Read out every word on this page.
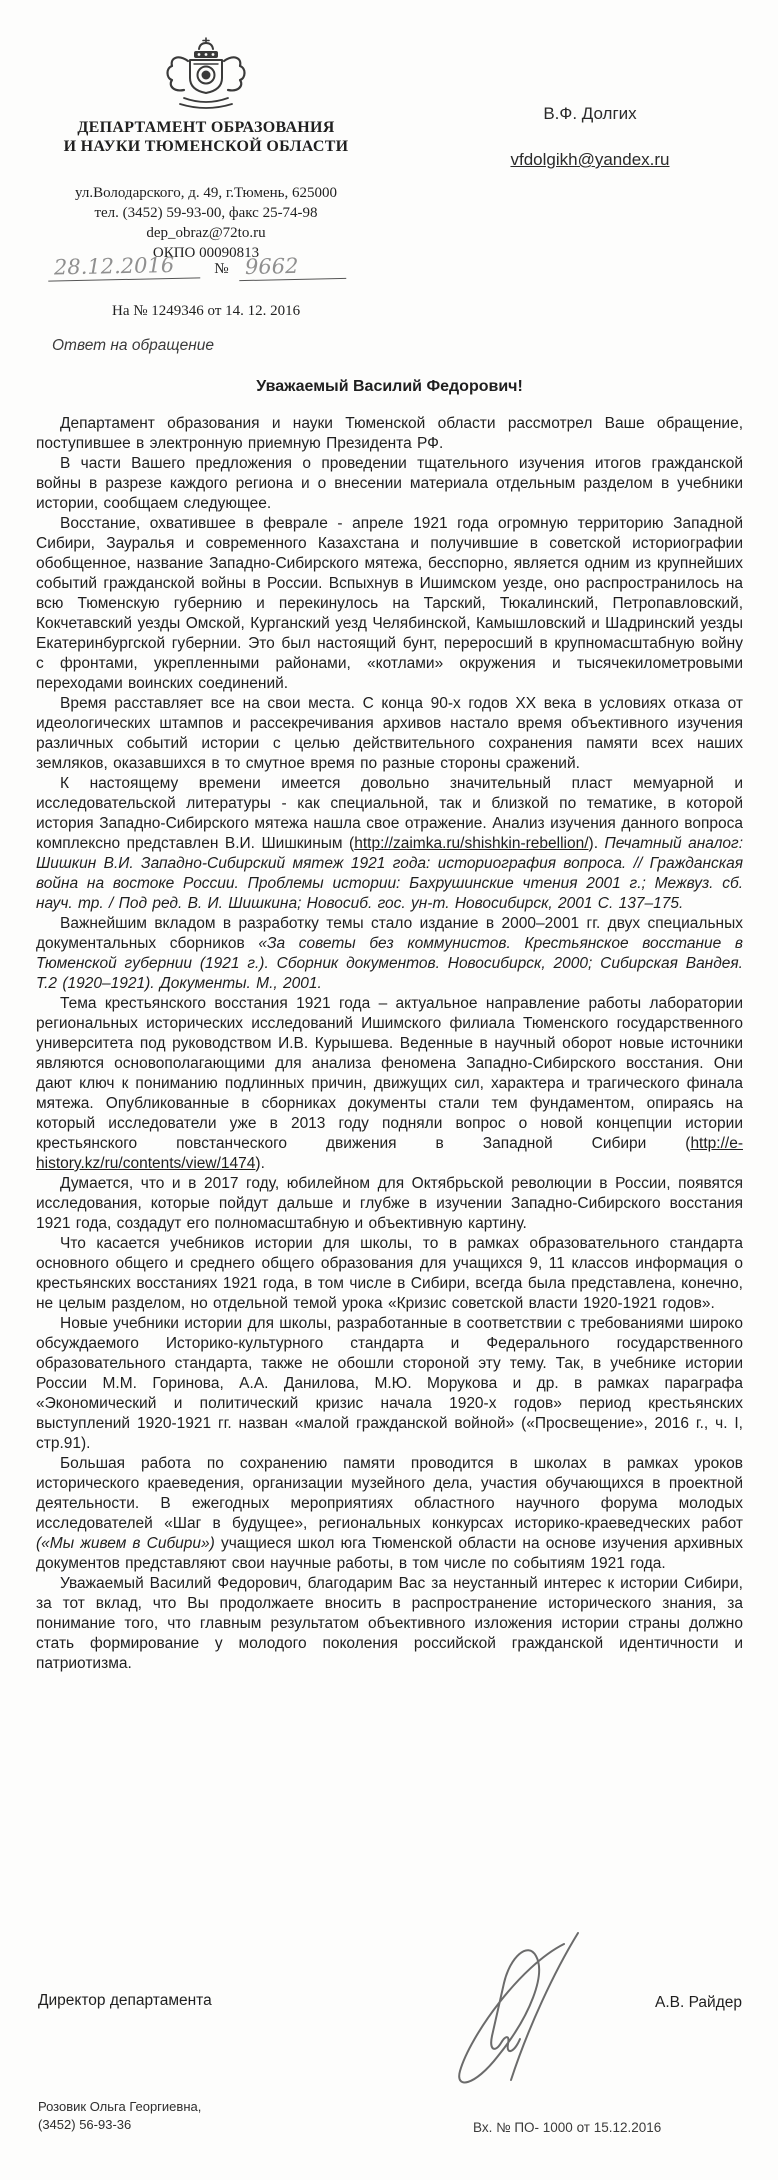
ДЕПАРТАМЕНТ ОБРАЗОВАНИЯ
И НАУКИ ТЮМЕНСКОЙ ОБЛАСТИ
ул.Володарского, д. 49, г.Тюмень, 625000
тел. (3452) 59-93-00, факс 25-74-98
dep_obraz@72to.ru
ОКПО 00090813
В.Ф. Долгих
vfdolgikh@yandex.ru
28.12.2016	№ 9662
На № 1249346 от 14. 12. 2016
Ответ на обращение
Уважаемый Василий Федорович!

Департамент образования и науки Тюменской области рассмотрел Ваше обращение, поступившее в электронную приемную Президента РФ.

В части Вашего предложения о проведении тщательного изучения итогов гражданской войны в разрезе каждого региона и о внесении материала отдельным разделом в учебники истории, сообщаем следующее.

Восстание, охватившее в феврале - апреле 1921 года огромную территорию Западной Сибири, Зауралья и современного Казахстана и получившие в советской историографии обобщенное, название Западно-Сибирского мятежа, бесспорно, является одним из крупнейших событий гражданской войны в России. Вспыхнув в Ишимском уезде, оно распространилось на всю Тюменскую губернию и перекинулось на Тарский, Тюкалинский, Петропавловский, Кокчетавский уезды Омской, Курганский уезд Челябинской, Камышловский и Шадринский уезды Екатеринбургской губернии. Это был настоящий бунт, переросший в крупномасштабную войну с фронтами, укрепленными районами, «котлами» окружения и тысячекилометровыми переходами воинских соединений.

Время расставляет все на свои места. С конца 90-х годов XX века в условиях отказа от идеологических штампов и рассекречивания архивов настало время объективного изучения различных событий истории с целью действительного сохранения памяти всех наших земляков, оказавшихся в то смутное время по разные стороны сражений.

К настоящему времени имеется довольно значительный пласт мемуарной и исследовательской литературы - как специальной, так и близкой по тематике, в которой история Западно-Сибирского мятежа нашла свое отражение. Анализ изучения данного вопроса комплексно представлен В.И. Шишкиным (http://zaimka.ru/shishkin-rebellion/). Печатный аналог: Шишкин В.И. Западно-Сибирский мятеж 1921 года: историография вопроса. // Гражданская война на востоке России. Проблемы истории: Бахрушинские чтения 2001 г.; Межвуз. сб. науч. тр. / Под ред. В. И. Шишкина; Новосиб. гос. ун-т. Новосибирск, 2001 С. 137–175.

Важнейшим вкладом в разработку темы стало издание в 2000–2001 гг. двух специальных документальных сборников «За советы без коммунистов. Крестьянское восстание в Тюменской губернии (1921 г.). Сборник документов. Новосибирск, 2000; Сибирская Вандея. Т.2 (1920–1921). Документы. М., 2001.

Тема крестьянского восстания 1921 года – актуальное направление работы лаборатории региональных исторических исследований Ишимского филиала Тюменского государственного университета под руководством И.В. Курышева. Веденные в научный оборот новые источники являются основополагающими для анализа феномена Западно-Сибирского восстания. Они дают ключ к пониманию подлинных причин, движущих сил, характера и трагического финала мятежа. Опубликованные в сборниках документы стали тем фундаментом, опираясь на который исследователи уже в 2013 году подняли вопрос о новой концепции истории крестьянского повстанческого движения в Западной Сибири (http://e-history.kz/ru/contents/view/1474).

Думается, что и в 2017 году, юбилейном для Октябрьской революции в России, появятся исследования, которые пойдут дальше и глубже в изучении Западно-Сибирского восстания 1921 года, создадут его полномасштабную и объективную картину.

Что касается учебников истории для школы, то в рамках образовательного стандарта основного общего и среднего общего образования для учащихся 9, 11 классов информация о крестьянских восстаниях 1921 года, в том числе в Сибири, всегда была представлена, конечно, не целым разделом, но отдельной темой урока «Кризис советской власти 1920-1921 годов».

Новые учебники истории для школы, разработанные в соответствии с требованиями широко обсуждаемого Историко-культурного стандарта и Федерального государственного образовательного стандарта, также не обошли стороной эту тему. Так, в учебнике истории России М.М. Горинова, А.А. Данилова, М.Ю. Морукова и др. в рамках параграфа «Экономический и политический кризис начала 1920-х годов» период крестьянских выступлений 1920-1921 гг. назван «малой гражданской войной» («Просвещение», 2016 г., ч. I, стр.91).

Большая работа по сохранению памяти проводится в школах в рамках уроков исторического краеведения, организации музейного дела, участия обучающихся в проектной деятельности. В ежегодных мероприятиях областного научного форума молодых исследователей «Шаг в будущее», региональных конкурсах историко-краеведческих работ («Мы живем в Сибири») учащиеся школ юга Тюменской области на основе изучения архивных документов представляют свои научные работы, в том числе по событиям 1921 года.

Уважаемый Василий Федорович, благодарим Вас за неустанный интерес к истории Сибири, за тот вклад, что Вы продолжаете вносить в распространение исторического знания, за понимание того, что главным результатом объективного изложения истории страны должно стать формирование у молодого поколения российской гражданской идентичности и патриотизма.

Директор департамента	А.В. Райдер
Розовик Ольга Георгиевна,
(3452) 56-93-36	Вх. № ПО- 1000 от 15.12.2016
